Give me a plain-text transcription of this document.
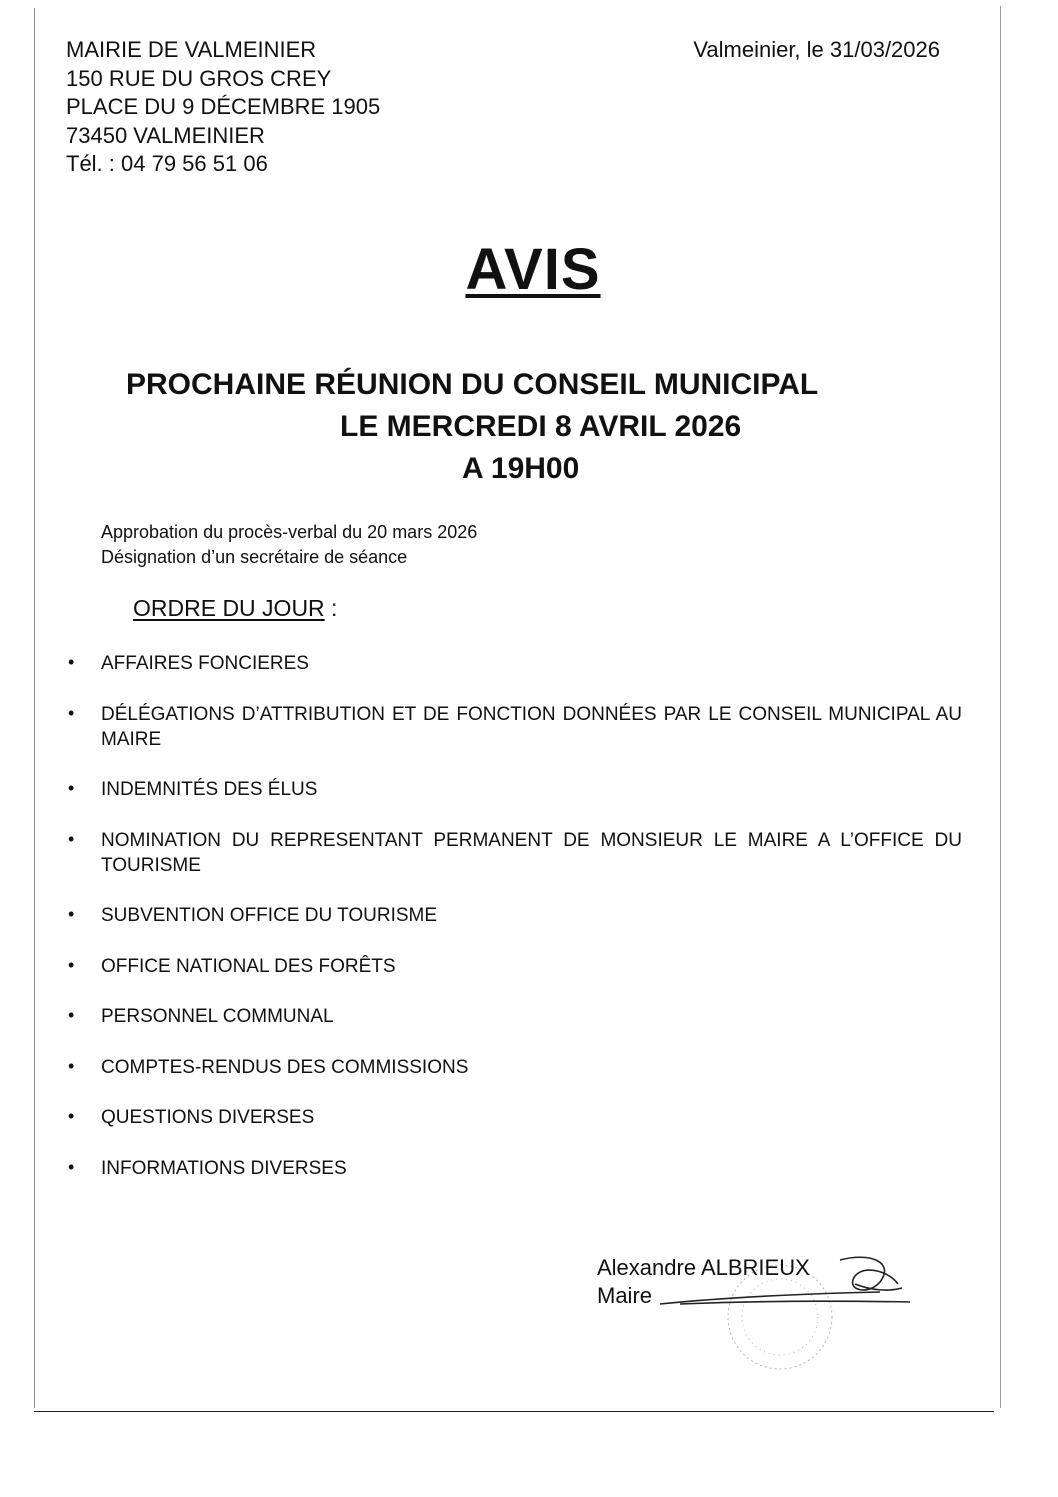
MAIRIE DE VALMEINIER
150 RUE DU GROS CREY
PLACE DU 9 DÉCEMBRE 1905
73450 VALMEINIER
Tél. : 04 79 56 51 06
Valmeinier, le 31/03/2026
AVIS
PROCHAINE RÉUNION DU CONSEIL MUNICIPAL
LE MERCREDI 8 AVRIL 2026
A 19H00
Approbation du procès-verbal du 20 mars 2026
Désignation d’un secrétaire de séance
ORDRE DU JOUR :
• AFFAIRES FONCIERES
• DÉLÉGATIONS D’ATTRIBUTION ET DE FONCTION DONNÉES PAR LE CONSEIL MUNICIPAL AU MAIRE
• INDEMNITÉS DES ÉLUS
• NOMINATION DU REPRESENTANT PERMANENT DE MONSIEUR LE MAIRE A L’OFFICE DU TOURISME
• SUBVENTION OFFICE DU TOURISME
• OFFICE NATIONAL DES FORÊTS
• PERSONNEL COMMUNAL
• COMPTES-RENDUS DES COMMISSIONS
• QUESTIONS DIVERSES
• INFORMATIONS DIVERSES
Alexandre ALBRIEUX
Maire
